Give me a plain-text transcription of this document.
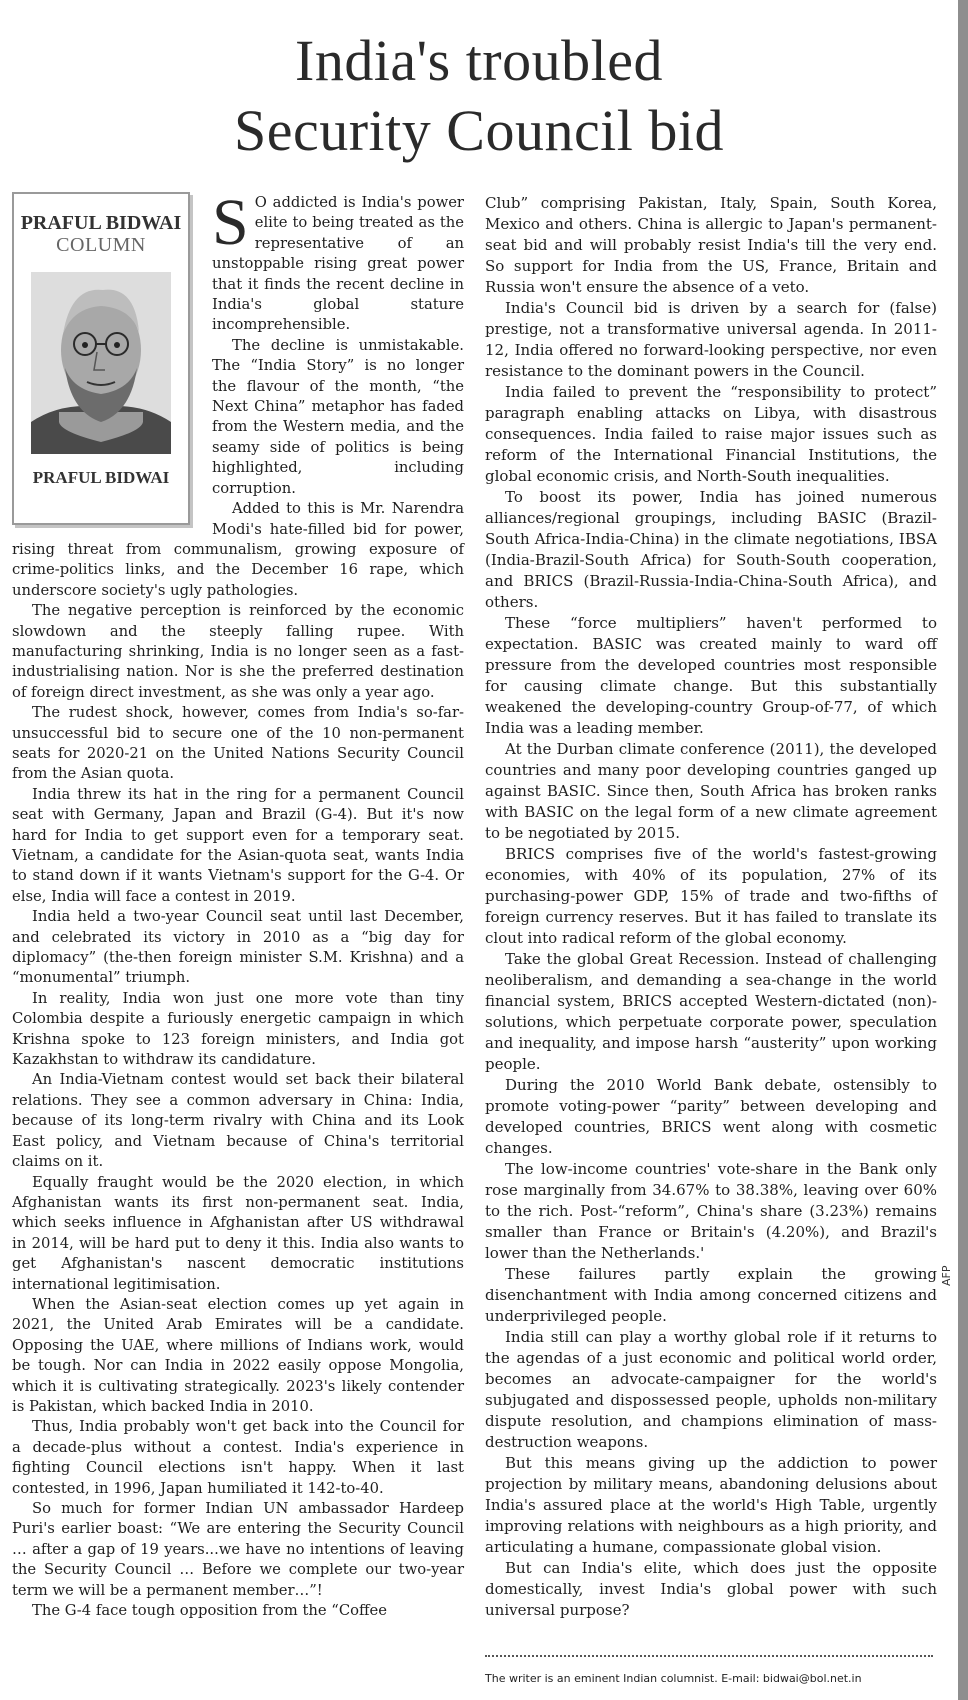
India's troubled
Security Council bid
PRAFUL BIDWAI
COLUMN
PRAFUL BIDWAI
S O addicted is India's power elite to being treated as the representative of an unstoppable rising great power that it finds the recent decline in India's global stature incomprehensible.

The decline is unmistakable. The “India Story” is no longer the flavour of the month, “the Next China” metaphor has faded from the Western media, and the seamy side of politics is being highlighted, including corruption.

Added to this is Mr. Narendra Modi's hate-filled bid for power, rising threat from communalism, growing exposure of crime-politics links, and the December 16 rape, which underscore society's ugly pathologies.

The negative perception is reinforced by the economic slowdown and the steeply falling rupee. With manufacturing shrinking, India is no longer seen as a fast-industrialising nation. Nor is she the preferred destination of foreign direct investment, as she was only a year ago.

The rudest shock, however, comes from India's so-far-unsuccessful bid to secure one of the 10 non-permanent seats for 2020-21 on the United Nations Security Council from the Asian quota.

India threw its hat in the ring for a permanent Council seat with Germany, Japan and Brazil (G-4). But it's now hard for India to get support even for a temporary seat. Vietnam, a candidate for the Asian-quota seat, wants India to stand down if it wants Vietnam's support for the G-4. Or else, India will face a contest in 2019.

India held a two-year Council seat until last December, and celebrated its victory in 2010 as a “big day for diplomacy” (the-then foreign minister S.M. Krishna) and a “monumental” triumph.

In reality, India won just one more vote than tiny Colombia despite a furiously energetic campaign in which Krishna spoke to 123 foreign ministers, and India got Kazakhstan to withdraw its candidature.

An India-Vietnam contest would set back their bilateral relations. They see a common adversary in China: India, because of its long-term rivalry with China and its Look East policy, and Vietnam because of China's territorial claims on it.

Equally fraught would be the 2020 election, in which Afghanistan wants its first non-permanent seat. India, which seeks influence in Afghanistan after US withdrawal in 2014, will be hard put to deny it this. India also wants to get Afghanistan's nascent democratic institutions international legitimisation.

When the Asian-seat election comes up yet again in 2021, the United Arab Emirates will be a candidate. Opposing the UAE, where millions of Indians work, would be tough. Nor can India in 2022 easily oppose Mongolia, which it is cultivating strategically. 2023's likely contender is Pakistan, which backed India in 2010.

Thus, India probably won't get back into the Council for a decade-plus without a contest. India's experience in fighting Council elections isn't happy. When it last contested, in 1996, Japan humiliated it 142-to-40.

So much for former Indian UN ambassador Hardeep Puri's earlier boast: “We are entering the Security Council … after a gap of 19 years...we have no intentions of leaving the Security Council … Before we complete our two-year term we will be a permanent member…”!

The G-4 face tough opposition from the “Coffee

Club” comprising Pakistan, Italy, Spain, South Korea, Mexico and others. China is allergic to Japan's permanent-seat bid and will probably resist India's till the very end. So support for India from the US, France, Britain and Russia won't ensure the absence of a veto.

India's Council bid is driven by a search for (false) prestige, not a transformative universal agenda. In 2011-12, India offered no forward-looking perspective, nor even resistance to the dominant powers in the Council.

India failed to prevent the “responsibility to protect” paragraph enabling attacks on Libya, with disastrous consequences. India failed to raise major issues such as reform of the International Financial Institutions, the global economic crisis, and North-South inequalities.

To boost its power, India has joined numerous alliances/regional groupings, including BASIC (Brazil-South Africa-India-China) in the climate negotiations, IBSA (India-Brazil-South Africa) for South-South cooperation, and BRICS (Brazil-Russia-India-China-South Africa), and others.

These “force multipliers” haven't performed to expectation. BASIC was created mainly to ward off pressure from the developed countries most responsible for causing climate change. But this substantially weakened the developing-country Group-of-77, of which India was a leading member.

At the Durban climate conference (2011), the developed countries and many poor developing countries ganged up against BASIC. Since then, South Africa has broken ranks with BASIC on the legal form of a new climate agreement to be negotiated by 2015.

BRICS comprises five of the world's fastest-growing economies, with 40% of its population, 27% of its purchasing-power GDP, 15% of trade and two-fifths of foreign currency reserves. But it has failed to translate its clout into radical reform of the global economy.

Take the global Great Recession. Instead of challenging neoliberalism, and demanding a sea-change in the world financial system, BRICS accepted Western-dictated (non)-solutions, which perpetuate corporate power, speculation and inequality, and impose harsh “austerity” upon working people.

During the 2010 World Bank debate, ostensibly to promote voting-power “parity” between developing and developed countries, BRICS went along with cosmetic changes.

The low-income countries' vote-share in the Bank only rose marginally from 34.67% to 38.38%, leaving over 60% to the rich. Post-“reform”, China's share (3.23%) remains smaller than France or Britain's (4.20%), and Brazil's lower than the Netherlands.'

These failures partly explain the growing disenchantment with India among concerned citizens and underprivileged people.

India still can play a worthy global role if it returns to the agendas of a just economic and political world order, becomes an advocate-campaigner for the world's subjugated and dispossessed people, upholds non-military dispute resolution, and champions elimination of mass-destruction weapons.

But this means giving up the addiction to power projection by military means, abandoning delusions about India's assured place at the world's High Table, urgently improving relations with neighbours as a high priority, and articulating a humane, compassionate global vision.

But can India's elite, which does just the opposite domestically, invest India's global power with such universal purpose?

AFP
The writer is an eminent Indian columnist. E-mail: bidwai@bol.net.in
